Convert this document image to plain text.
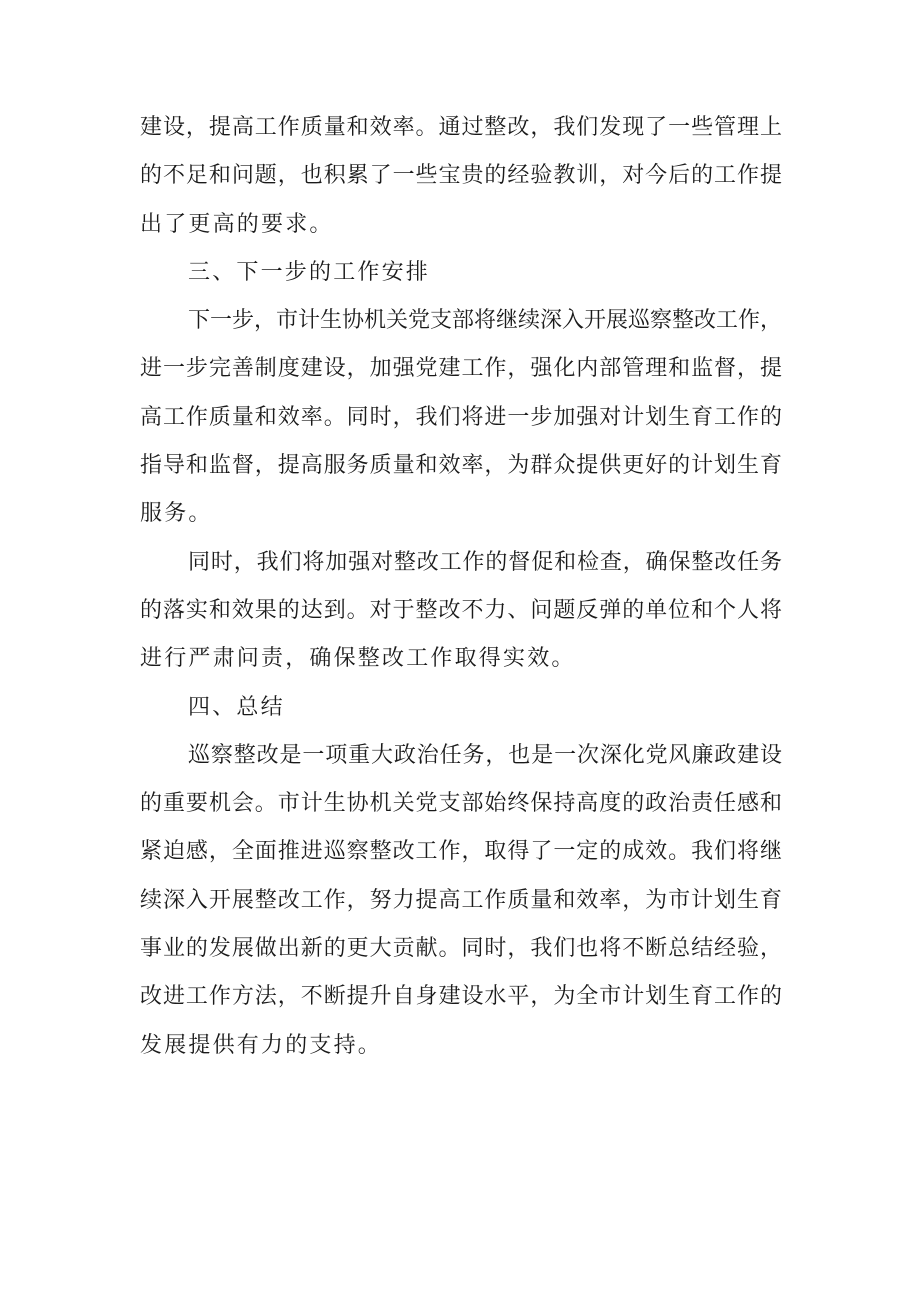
建设，提高工作质量和效率。通过整改，我们发现了一些管理上
的不足和问题，也积累了一些宝贵的经验教训，对今后的工作提
出了更高的要求。
三、下一步的工作安排
下一步，市计生协机关党支部将继续深入开展巡察整改工作，
进一步完善制度建设，加强党建工作，强化内部管理和监督，提
高工作质量和效率。同时，我们将进一步加强对计划生育工作的
指导和监督，提高服务质量和效率，为群众提供更好的计划生育
服务。
同时，我们将加强对整改工作的督促和检查，确保整改任务
的落实和效果的达到。对于整改不力、问题反弹的单位和个人将
进行严肃问责，确保整改工作取得实效。
四、总结
巡察整改是一项重大政治任务，也是一次深化党风廉政建设
的重要机会。市计生协机关党支部始终保持高度的政治责任感和
紧迫感，全面推进巡察整改工作，取得了一定的成效。我们将继
续深入开展整改工作，努力提高工作质量和效率，为市计划生育
事业的发展做出新的更大贡献。同时，我们也将不断总结经验，
改进工作方法，不断提升自身建设水平，为全市计划生育工作的
发展提供有力的支持。
